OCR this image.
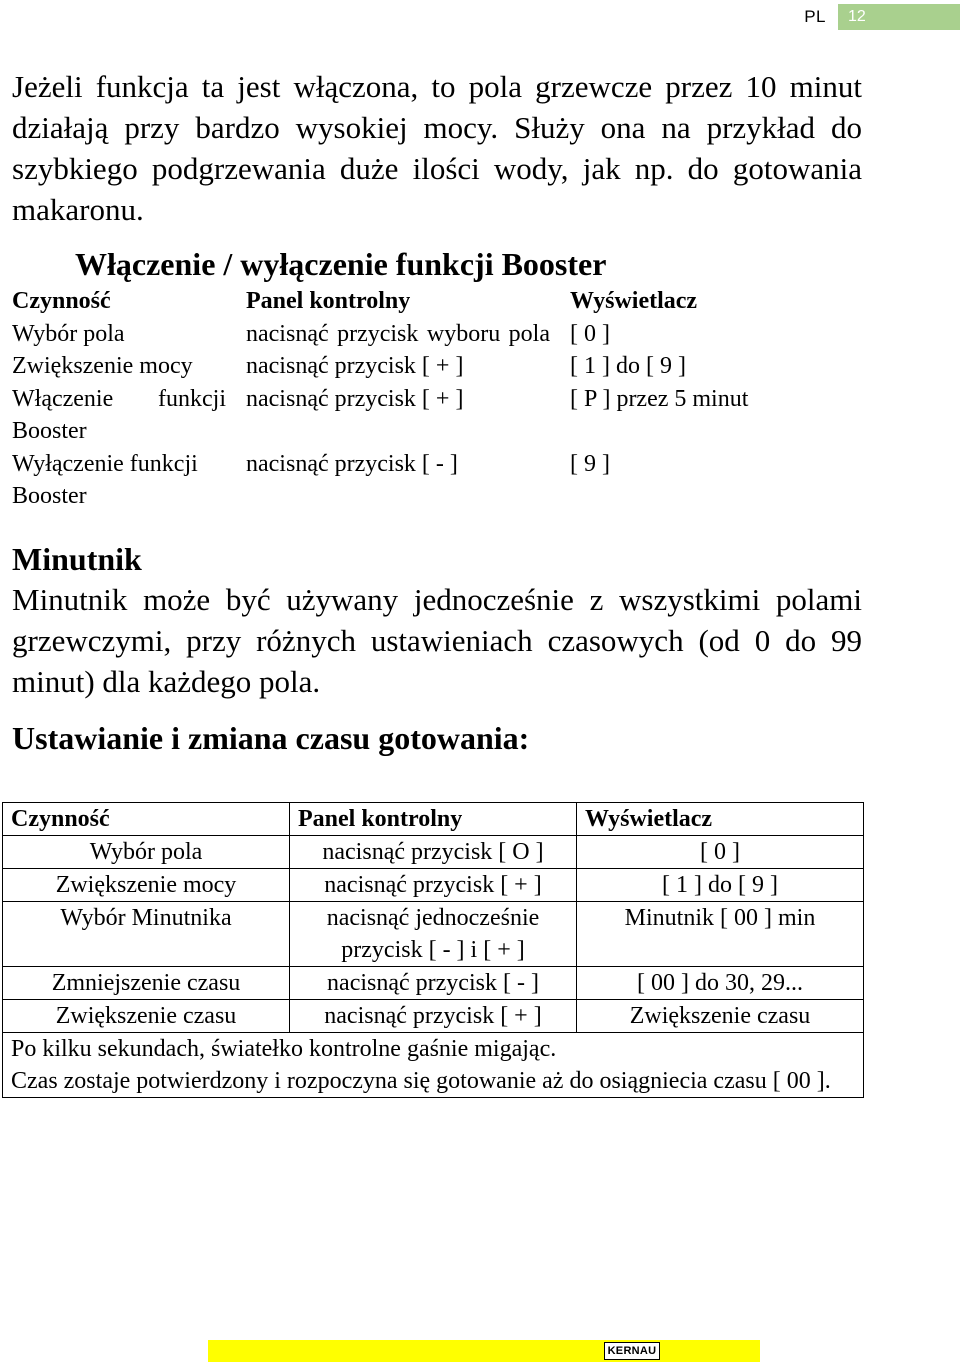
PL	12

Jeżeli funkcja ta jest włączona, to pola grzewcze przez 10 minut działają przy bardzo wysokiej mocy. Służy ona na przykład do szybkiego podgrzewania duże ilości wody, jak np. do gotowania makaronu.

Włączenie / wyłączenie funkcji Booster
Czynność	Panel kontrolny	Wyświetlacz
Wybór pola	nacisnąć przycisk wyboru pola	[ 0 ]
Zwiększenie mocy	nacisnąć przycisk [ + ]	[ 1 ] do [ 9 ]

Włączenie funkcji Booster	nacisnąć przycisk [ + ]	[ P ] przez 5 minut
Wyłączenie funkcji Booster	nacisnąć przycisk [ - ]	[ 9 ]
Minutnik

Minutnik może być używany jednocześnie z wszystkimi polami grzewczymi, przy różnych ustawieniach czasowych (od 0 do 99 minut) dla każdego pola.

Ustawianie i zmiana czasu gotowania:
Czynność	Panel kontrolny	Wyświetlacz
Wybór pola	nacisnąć przycisk [ O ]	[ 0 ]
Zwiększenie mocy	nacisnąć przycisk [ + ]	[ 1 ] do [ 9 ]
Wybór Minutnika	nacisnąć jednocześnie przycisk [ - ] i [ + ]	Minutnik [ 00 ] min
Zmniejszenie czasu	nacisnąć przycisk [ - ]	[ 00 ] do 30, 29...
Zwiększenie czasu	nacisnąć przycisk [ + ]	Zwiększenie czasu

Po kilku sekundach, światełko kontrolne gaśnie migając.
Czas zostaje potwierdzony i rozpoczyna się gotowanie aż do osiągniecia czasu [ 00 ].		
KERNAU
